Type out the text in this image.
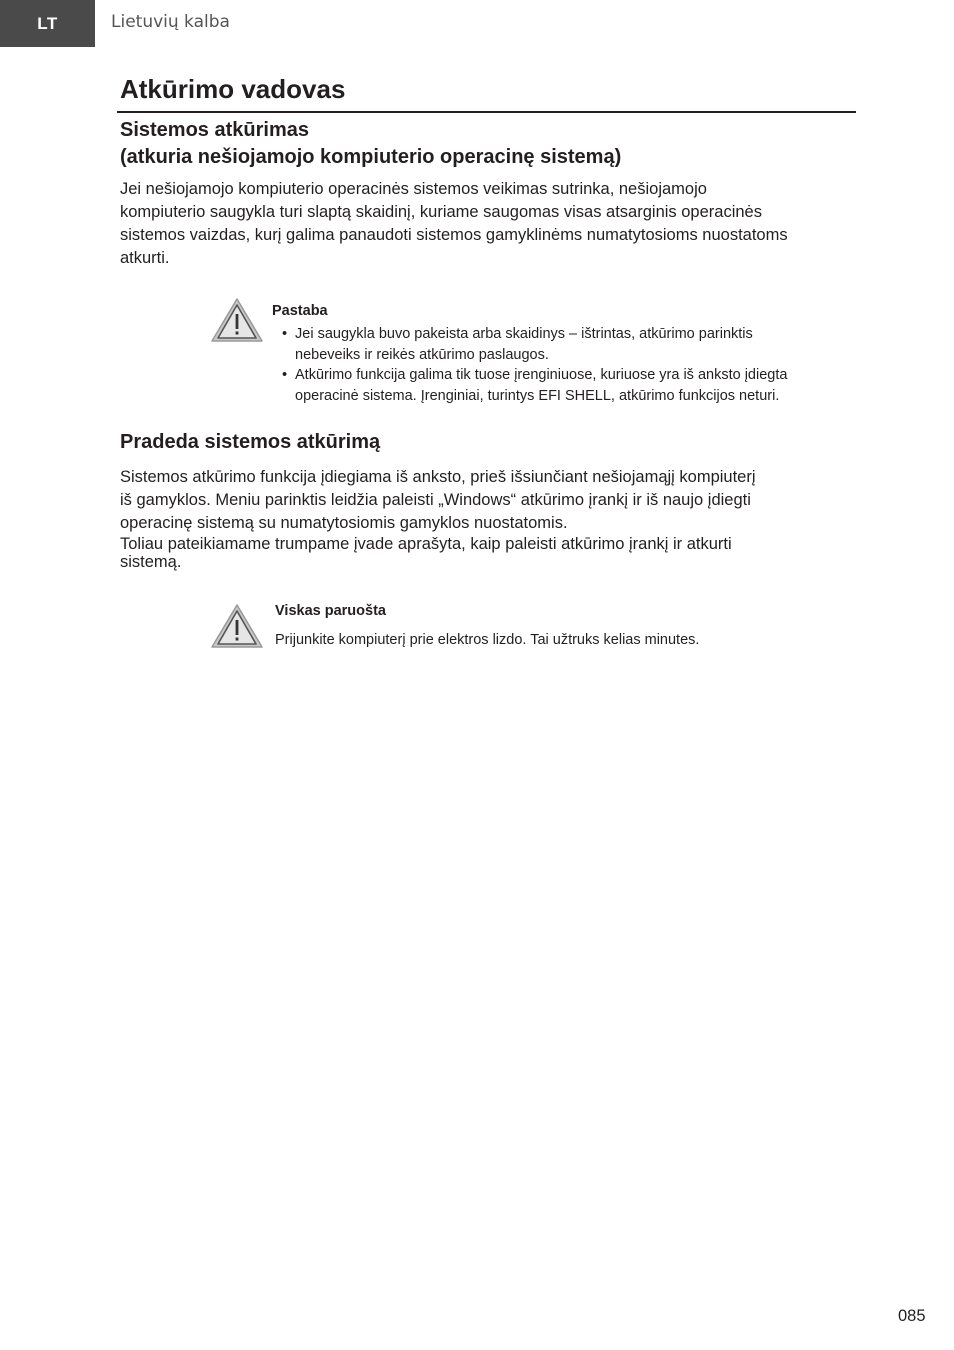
LT	Lietuvių kalba
Atkūrimo vadovas
Sistemos atkūrimas
(atkuria nešiojamojo kompiuterio operacinę sistemą)

Jei nešiojamojo kompiuterio operacinės sistemos veikimas sutrinka, nešiojamojo
kompiuterio saugykla turi slaptą skaidinį, kuriame saugomas visas atsarginis operacinės
sistemos vaizdas, kurį galima panaudoti sistemos gamyklinėms numatytosioms nuostatoms
atkurti.

Pastaba

• Jei saugykla buvo pakeista arba skaidinys – ištrintas, atkūrimo parinktis
nebeveiks ir reikės atkūrimo paslaugos.
• Atkūrimo funkcija galima tik tuose įrenginiuose, kuriuose yra iš anksto įdiegta
operacinė sistema. Įrenginiai, turintys EFI SHELL, atkūrimo funkcijos neturi.
Pradeda sistemos atkūrimą

Sistemos atkūrimo funkcija įdiegiama iš anksto, prieš išsiunčiant nešiojamąjį kompiuterį
iš gamyklos. Meniu parinktis leidžia paleisti „Windows“ atkūrimo įrankį ir iš naujo įdiegti
operacinę sistemą su numatytosiomis gamyklos nuostatomis.

Toliau pateikiamame trumpame įvade aprašyta, kaip paleisti atkūrimo įrankį ir atkurti
sistemą.

Viskas paruošta

Prijunkite kompiuterį prie elektros lizdo. Tai užtruks kelias minutes.

085
